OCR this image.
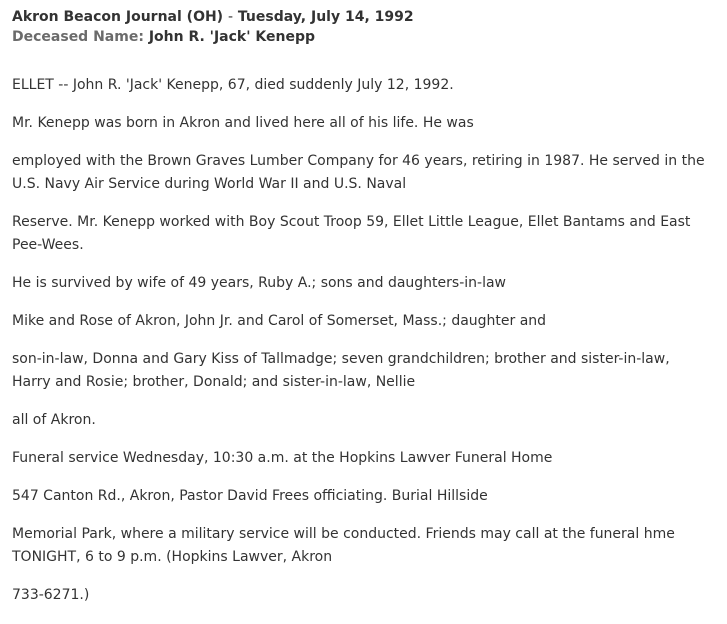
Akron Beacon Journal (OH) - Tuesday, July 14, 1992
Deceased Name: John R. 'Jack' Kenepp

ELLET -- John R. 'Jack' Kenepp, 67, died suddenly July 12, 1992.

Mr. Kenepp was born in Akron and lived here all of his life. He was

employed with the Brown Graves Lumber Company for 46 years, retiring in 1987. He served in the
U.S. Navy Air Service during World War II and U.S. Naval

Reserve. Mr. Kenepp worked with Boy Scout Troop 59, Ellet Little League, Ellet Bantams and East
Pee-Wees.

He is survived by wife of 49 years, Ruby A.; sons and daughters-in-law

Mike and Rose of Akron, John Jr. and Carol of Somerset, Mass.; daughter and

son-in-law, Donna and Gary Kiss of Tallmadge; seven grandchildren; brother and sister-in-law,
Harry and Rosie; brother, Donald; and sister-in-law, Nellie

all of Akron.

Funeral service Wednesday, 10:30 a.m. at the Hopkins Lawver Funeral Home

547 Canton Rd., Akron, Pastor David Frees officiating. Burial Hillside

Memorial Park, where a military service will be conducted. Friends may call at the funeral hme
TONIGHT, 6 to 9 p.m. (Hopkins Lawver, Akron

733-6271.)
